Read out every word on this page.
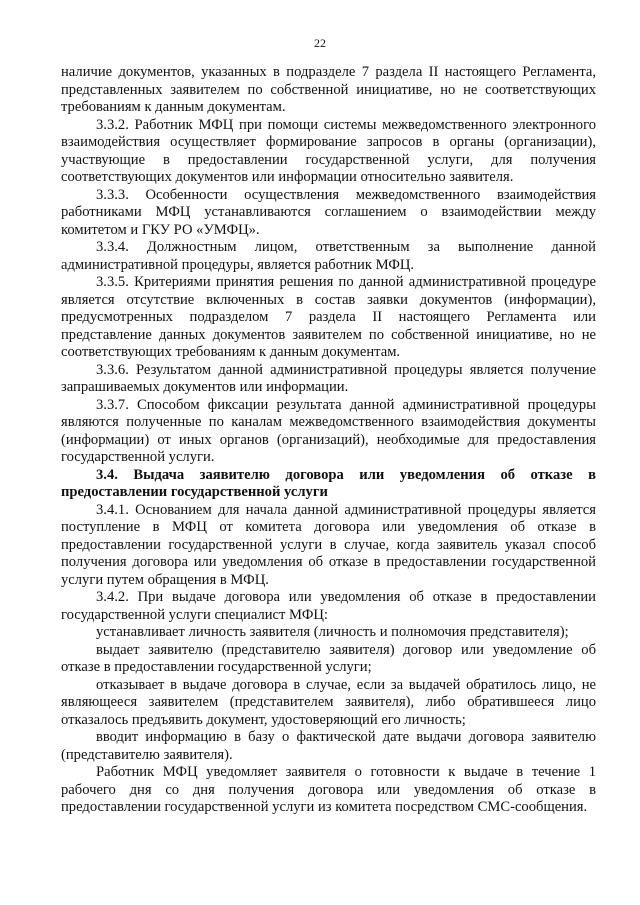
22

наличие документов, указанных в подразделе 7 раздела II настоящего Регламента, представленных заявителем по собственной инициативе, но не соответствующих требованиям к данным документам.

3.3.2. Работник МФЦ при помощи системы межведомственного электронного взаимодействия осуществляет формирование запросов в органы (организации), участвующие в предоставлении государственной услуги, для получения соответствующих документов или информации относительно заявителя.

3.3.3. Особенности осуществления межведомственного взаимодействия работниками МФЦ устанавливаются соглашением о взаимодействии между комитетом и ГКУ РО «УМФЦ».

3.3.4. Должностным лицом, ответственным за выполнение данной административной процедуры, является работник МФЦ.

3.3.5. Критериями принятия решения по данной административной процедуре является отсутствие включенных в состав заявки документов (информации), предусмотренных подразделом 7 раздела II настоящего Регламента или представление данных документов заявителем по собственной инициативе, но не соответствующих требованиям к данным документам.

3.3.6. Результатом данной административной процедуры является получение запрашиваемых документов или информации.

3.3.7. Способом фиксации результата данной административной процедуры являются полученные по каналам межведомственного взаимодействия документы (информации) от иных органов (организаций), необходимые для предоставления государственной услуги.

3.4. Выдача заявителю договора или уведомления об отказе в предоставлении государственной услуги

3.4.1. Основанием для начала данной административной процедуры является поступление в МФЦ от комитета договора или уведомления об отказе в предоставлении государственной услуги в случае, когда заявитель указал способ получения договора или уведомления об отказе в предоставлении государственной услуги путем обращения в МФЦ.

3.4.2. При выдаче договора или уведомления об отказе в предоставлении государственной услуги специалист МФЦ:

устанавливает личность заявителя (личность и полномочия представителя);

выдает заявителю (представителю заявителя) договор или уведомление об отказе в предоставлении государственной услуги;

отказывает в выдаче договора в случае, если за выдачей обратилось лицо, не являющееся заявителем (представителем заявителя), либо обратившееся лицо отказалось предъявить документ, удостоверяющий его личность;

вводит информацию в базу о фактической дате выдачи договора заявителю (представителю заявителя).

Работник МФЦ уведомляет заявителя о готовности к выдаче в течение 1 рабочего дня со дня получения договора или уведомления об отказе в предоставлении государственной услуги из комитета посредством СМС-сообщения.
